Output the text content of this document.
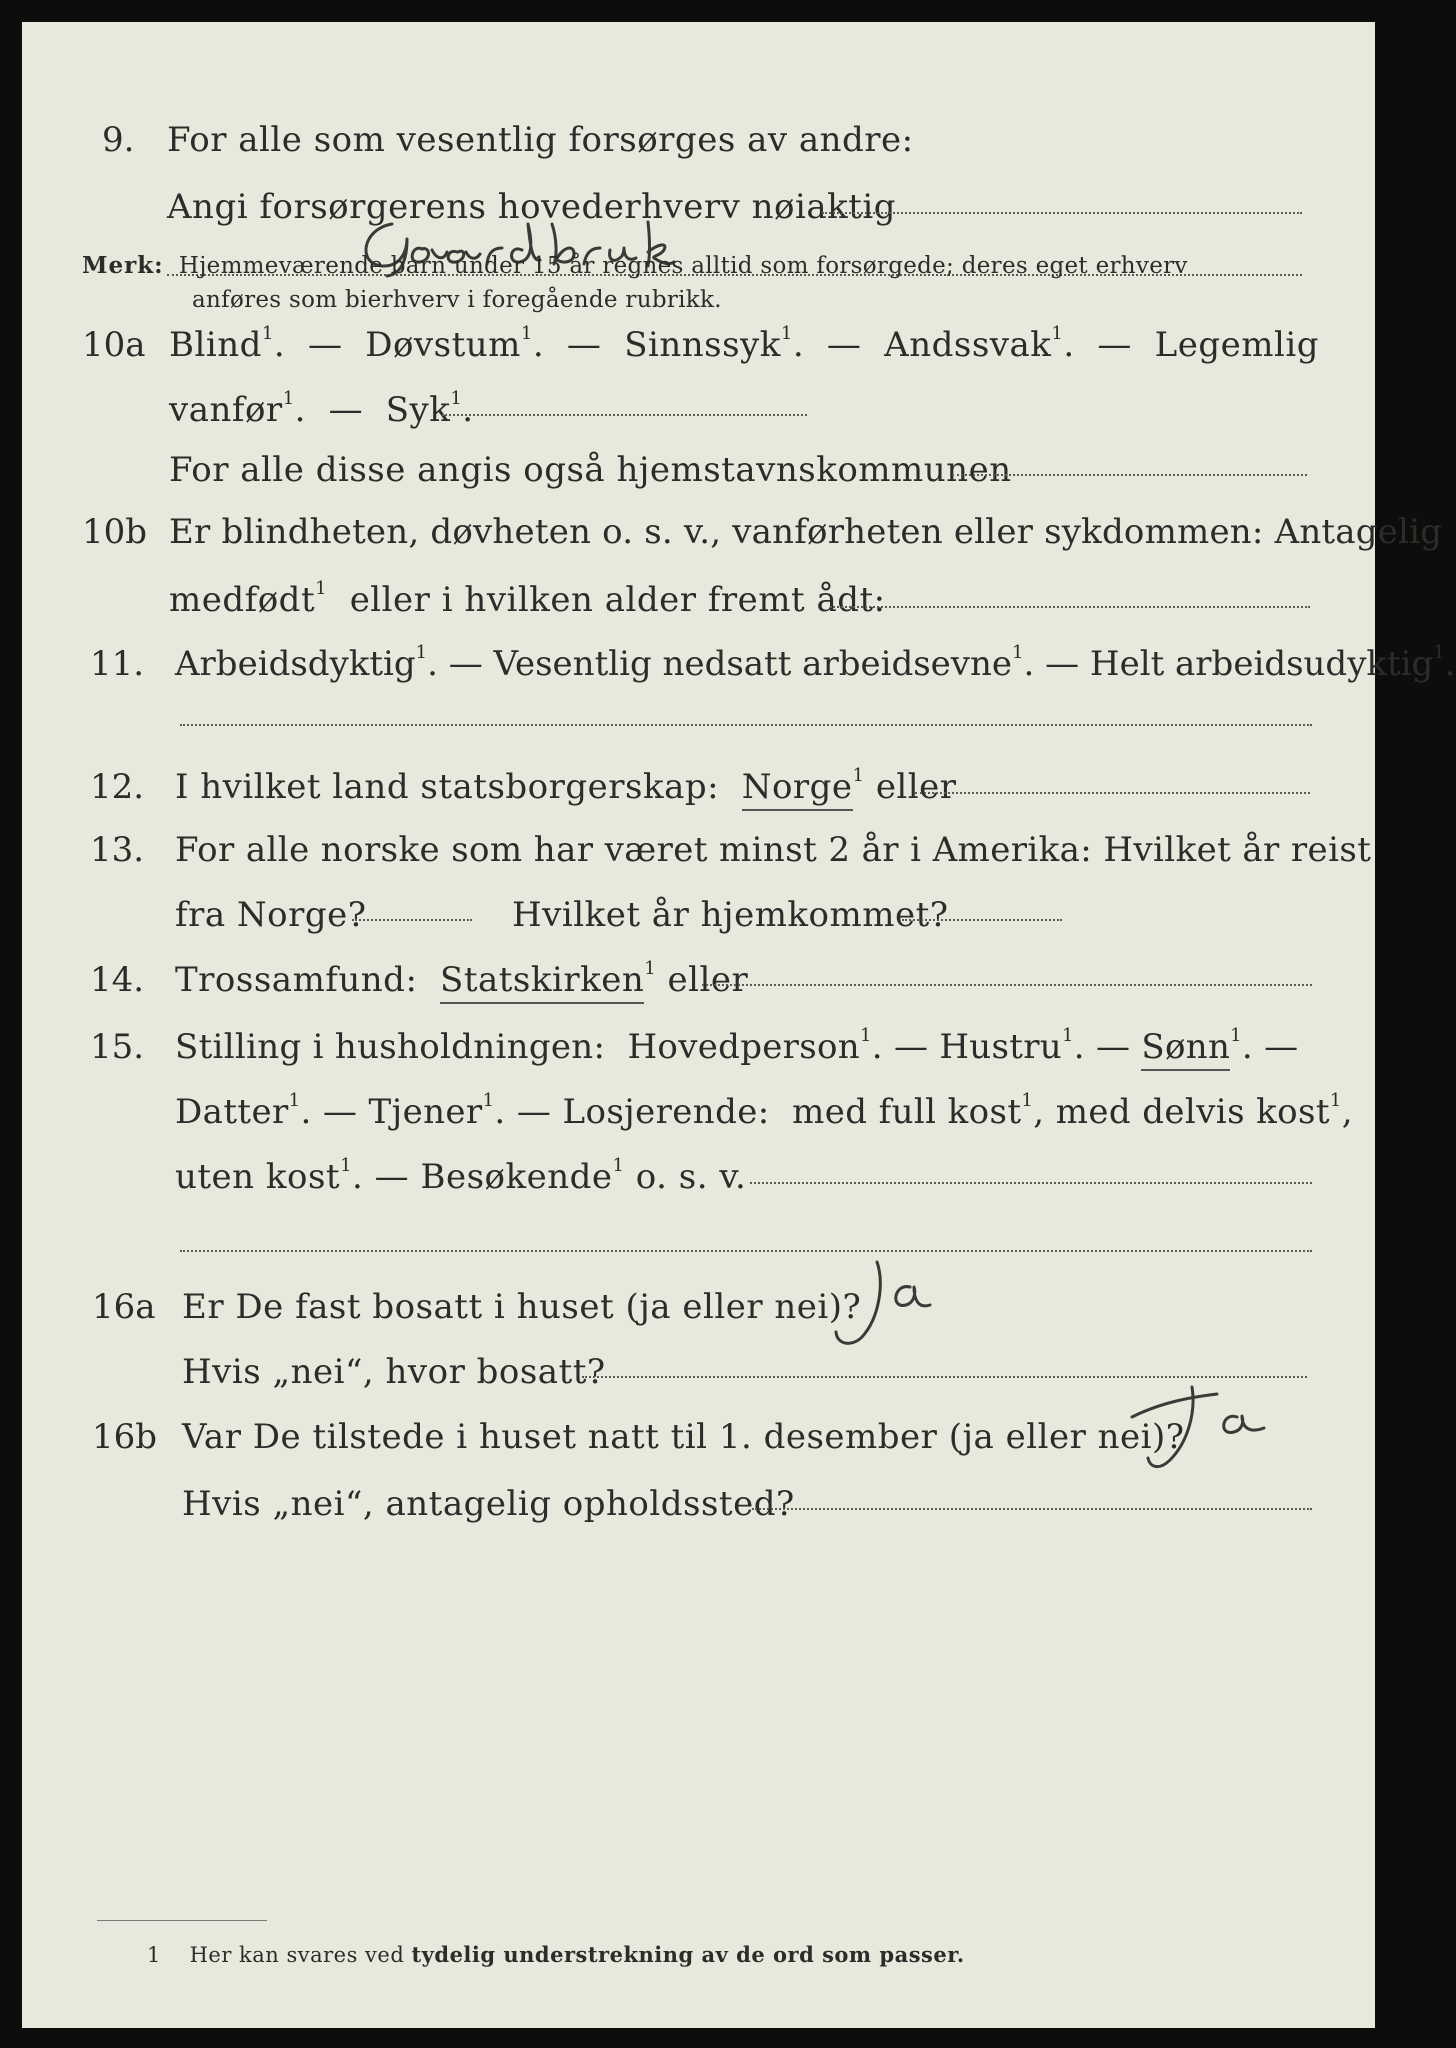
9. For alle som vesentlig forsørges av andre:
Angi forsørgerens hovederhverv nøiaktig
Merk: Hjemmeværende barn under 15 år regnes alltid som forsørgede; deres eget erhverv
anføres som bierhverv i foregående rubrikk.
10a Blind$^1$. — Døvstum$^1$. — Sinnssyk$^1$. — Andssvak$^1$. — Legemlig
vanfør$^1$.  — Syk$^1$.
For alle disse angis også hjemstavnskommunen
10b Er blindheten, døvheten o. s. v., vanførheten eller sykdommen: Antagelig
medfødt$^1$ eller i hvilken alder fremt ådt:
11. Arbeidsdyktig$^1$. — Vesentlig nedsatt arbeidsevne$^1$. — Helt arbeidsudyktig$^1$.
12. I hvilket land statsborgerskap: Norge$^1$ eller
13. For alle norske som har været minst 2 år i Amerika: Hvilket år reist
fra Norge?	Hvilket år hjemkommet?
14. Trossamfund: Statskirken$^1$ eller
15. Stilling i husholdningen: Hovedperson$^1$. — Hustru$^1$. — Sønn$^1$. —
Datter$^1$. — Tjener$^1$. — Losjerende: med full kost$^1$, med delvis kost$^1$,
uten kost$^1$. — Besøkende$^1$ o. s. v.
16a Er De fast bosatt i huset (ja eller nei)?
Hvis „nei“, hvor bosatt?
16b Var De tilstede i huset natt til 1. desember (ja eller nei)?
Hvis „nei“, antagelig opholdssted?
1 Her kan svares ved tydelig understrekning av de ord som passer.
